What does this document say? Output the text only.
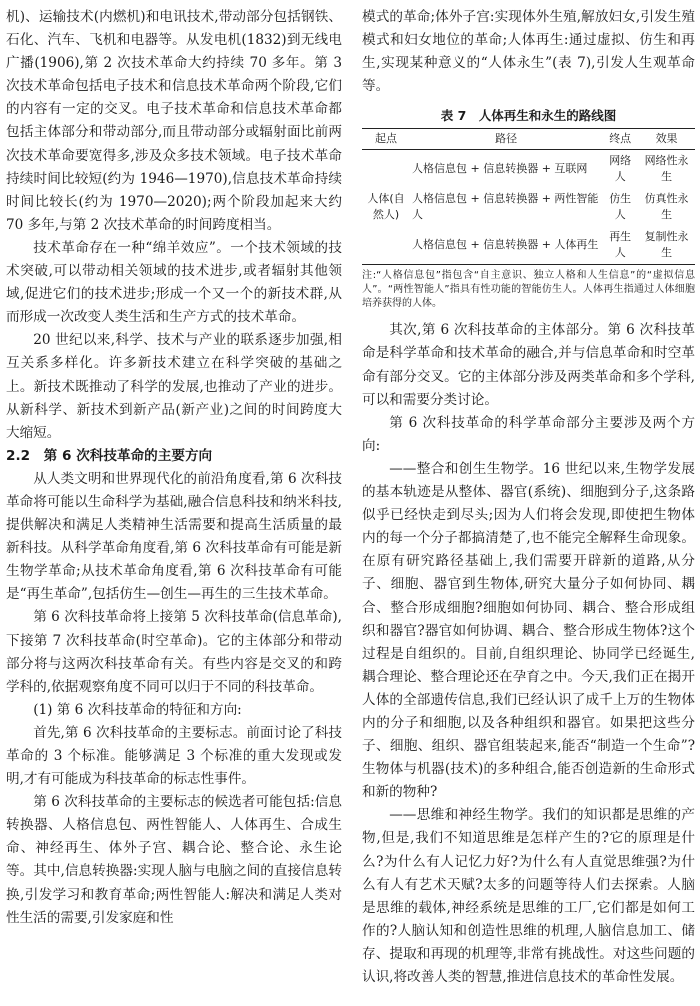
机)、运输技术(内燃机)和电讯技术,带动部分包括钢铁、石化、汽车、飞机和电器等。从发电机(1832)到无线电广播(1906),第 2 次技术革命大约持续 70 多年。第 3 次技术革命包括电子技术和信息技术革命两个阶段,它们的内容有一定的交叉。电子技术革命和信息技术革命都包括主体部分和带动部分,而且带动部分或辐射面比前两次技术革命要宽得多,涉及众多技术领域。电子技术革命持续时间比较短(约为 1946—1970),信息技术革命持续时间比较长(约为 1970—2020);两个阶段加起来大约 70 多年,与第 2 次技术革命的时间跨度相当。

技术革命存在一种“绵羊效应”。一个技术领域的技术突破,可以带动相关领域的技术进步,或者辐射其他领域,促进它们的技术进步;形成一个又一个的新技术群,从而形成一次改变人类生活和生产方式的技术革命。

20 世纪以来,科学、技术与产业的联系逐步加强,相互关系多样化。许多新技术建立在科学突破的基础之上。新技术既推动了科学的发展,也推动了产业的进步。从新科学、新技术到新产品(新产业)之间的时间跨度大大缩短。

2.2　第 6 次科技革命的主要方向

从人类文明和世界现代化的前沿角度看,第 6 次科技革命将可能以生命科学为基础,融合信息科技和纳米科技,提供解决和满足人类精神生活需要和提高生活质量的最新科技。从科学革命角度看,第 6 次科技革命有可能是新生物学革命;从技术革命角度看,第 6 次科技革命有可能是“再生革命”,包括仿生—创生—再生的三生技术革命。

第 6 次科技革命将上接第 5 次科技革命(信息革命),下接第 7 次科技革命(时空革命)。它的主体部分和带动部分将与这两次科技革命有关。有些内容是交叉的和跨学科的,依据观察角度不同可以归于不同的科技革命。

(1) 第 6 次科技革命的特征和方向:

首先,第 6 次科技革命的主要标志。前面讨论了科技革命的 3 个标准。能够满足 3 个标准的重大发现或发明,才有可能成为科技革命的标志性事件。

第 6 次科技革命的主要标志的候选者可能包括:信息转换器、人格信息包、两性智能人、人体再生、合成生命、神经再生、体外子宫、耦合论、整合论、永生论等。其中,信息转换器:实现人脑与电脑之间的直接信息转换,引发学习和教育革命;两性智能人:解决和满足人类对性生活的需要,引发家庭和性

模式的革命;体外子宫:实现体外生殖,解放妇女,引发生殖模式和妇女地位的革命;人体再生:通过虚拟、仿生和再生,实现某种意义的“人体永生”(表 7),引发人生观革命等。

表 7　人体再生和永生的路线图
起点	路径	终点	效果
人体(自然人)	人格信息包 + 信息转换器 + 互联网	网络人	网络性永生
	人格信息包 + 信息转换器 + 两性智能人	仿生人	仿真性永生
	人格信息包 + 信息转换器 + 人体再生	再生人	复制性永生
注:“人格信息包”指包含“自主意识、独立人格和人生信息”的“虚拟信息人”。“两性智能人”指具有性功能的智能仿生人。人体再生指通过人体细胞培养获得的人体。

其次,第 6 次科技革命的主体部分。第 6 次科技革命是科学革命和技术革命的融合,并与信息革命和时空革命有部分交叉。它的主体部分涉及两类革命和多个学科,可以和需要分类讨论。

第 6 次科技革命的科学革命部分主要涉及两个方向:

——整合和创生生物学。16 世纪以来,生物学发展的基本轨迹是从整体、器官(系统)、细胞到分子,这条路似乎已经快走到尽头;因为人们将会发现,即使把生物体内的每一个分子都搞清楚了,也不能完全解释生命现象。在原有研究路径基础上,我们需要开辟新的道路,从分子、细胞、器官到生物体,研究大量分子如何协同、耦合、整合形成细胞?细胞如何协同、耦合、整合形成组织和器官?器官如何协调、耦合、整合形成生物体?这个过程是自组织的。目前,自组织理论、协同学已经诞生,耦合理论、整合理论还在孕育之中。今天,我们正在揭开人体的全部遗传信息,我们已经认识了成千上万的生物体内的分子和细胞,以及各种组织和器官。如果把这些分子、细胞、组织、器官组装起来,能否“制造一个生命”?生物体与机器(技术)的多种组合,能否创造新的生命形式和新的物种?

——思维和神经生物学。我们的知识都是思维的产物,但是,我们不知道思维是怎样产生的?它的原理是什么?为什么有人记忆力好?为什么有人直觉思维强?为什么有人有艺术天赋?太多的问题等待人们去探索。人脑是思维的载体,神经系统是思维的工厂,它们都是如何工作的?人脑认知和创造性思维的机理,人脑信息加工、储存、提取和再现的机理等,非常有挑战性。对这些问题的认识,将改善人类的智慧,推进信息技术的革命性发展。
